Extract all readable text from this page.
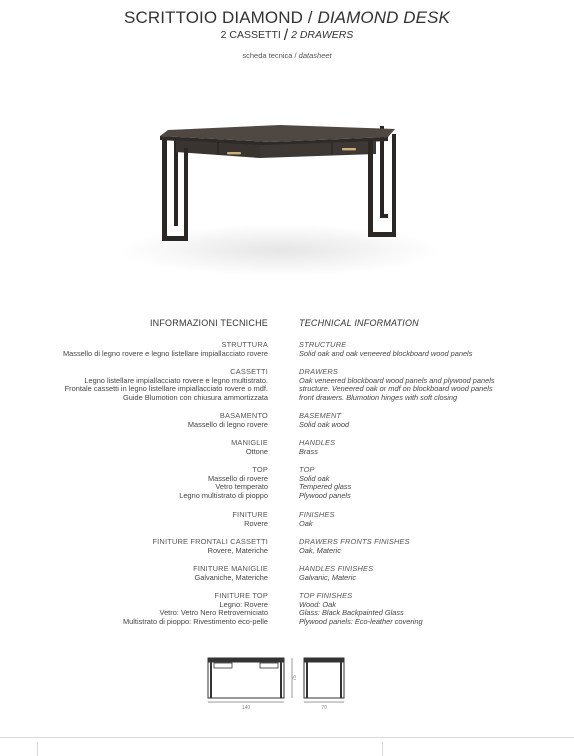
SCRITTOIO DIAMOND / DIAMOND DESK
2 CASSETTI / 2 DRAWERS
scheda tecnica / datasheet
INFORMAZIONI TECNICHE	TECHNICAL INFORMATION
STRUTTURA
Massello di legno rovere e legno listellare impiallacciato rovere
CASSETTI
Legno listellare impiallacciato rovere e legno multistrato.
Frontale cassetti in legno listellare impiallacciato rovere o mdf.
Guide Blumotion con chiusura ammortizzata
BASAMENTO
Massello di legno rovere
MANIGLIE
Ottone
TOP
Massello di rovere
Vetro temperato
Legno multistrato di pioppo
FINITURE
Rovere
FINITURE FRONTALI CASSETTI
Rovere, Materiche
FINITURE MANIGLIE
Galvaniche, Materiche
FINITURE TOP
Legno: Rovere
Vetro: Vetro Nero Retroverniciato
Multistrato di pioppo: Rivestimento eco-pelle
STRUCTURE
Solid oak and oak veneered blockboard wood panels
DRAWERS
Oak veneered blockboard wood panels and plywood panels
structure. Veneered oak or mdf on blockboard wood panels
front drawers. Blumotion hinges with soft closing
BASEMENT
Solid oak wood
HANDLES
Brass
TOP
Solid oak
Tempered glass
Plywood panels
FINISHES
Oak
DRAWERS FRONTS FINISHES
Oak, Materic
HANDLES FINISHES
Galvanic, Materic
TOP FINISHES
Wood: Oak
Glass: Black Backpainted Glass
Plywood panels: Eco-leather covering
140	70
75
